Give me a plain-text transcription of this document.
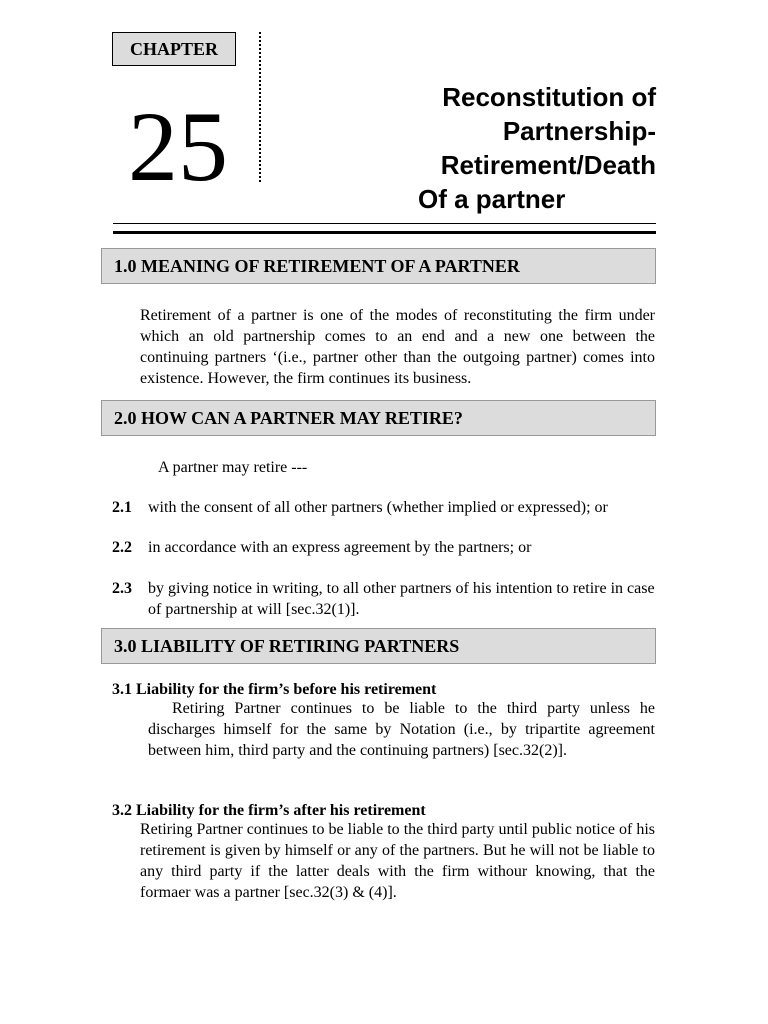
CHAPTER
25	Reconstitution of
Partnership-
Retirement/Death
Of a partner
1.0 MEANING OF RETIREMENT OF A PARTNER
Retirement of a partner is one of the modes of reconstituting the firm under which an old partnership comes to an end and a new one between the continuing partners ‘(i.e., partner other than the outgoing partner) comes into existence. However, the firm continues its business.
2.0 HOW CAN A PARTNER MAY RETIRE?
A partner may retire ---
2.1 with the consent of all other partners (whether implied or expressed); or
2.2 in accordance with an express agreement by the partners; or
2.3 by giving notice in writing, to all other partners of his intention to retire in case of partnership at will [sec.32(1)].
3.0 LIABILITY OF RETIRING PARTNERS
3.1 Liability for the firm’s before his retirement
Retiring Partner continues to be liable to the third party unless he discharges himself for the same by Notation (i.e., by tripartite agreement between him, third party and the continuing partners) [sec.32(2)].
3.2 Liability for the firm’s after his retirement
Retiring Partner continues to be liable to the third party until public notice of his retirement is given by himself or any of the partners. But he will not be liable to any third party if the latter deals with the firm withour knowing, that the formaer was a partner [sec.32(3) & (4)].
